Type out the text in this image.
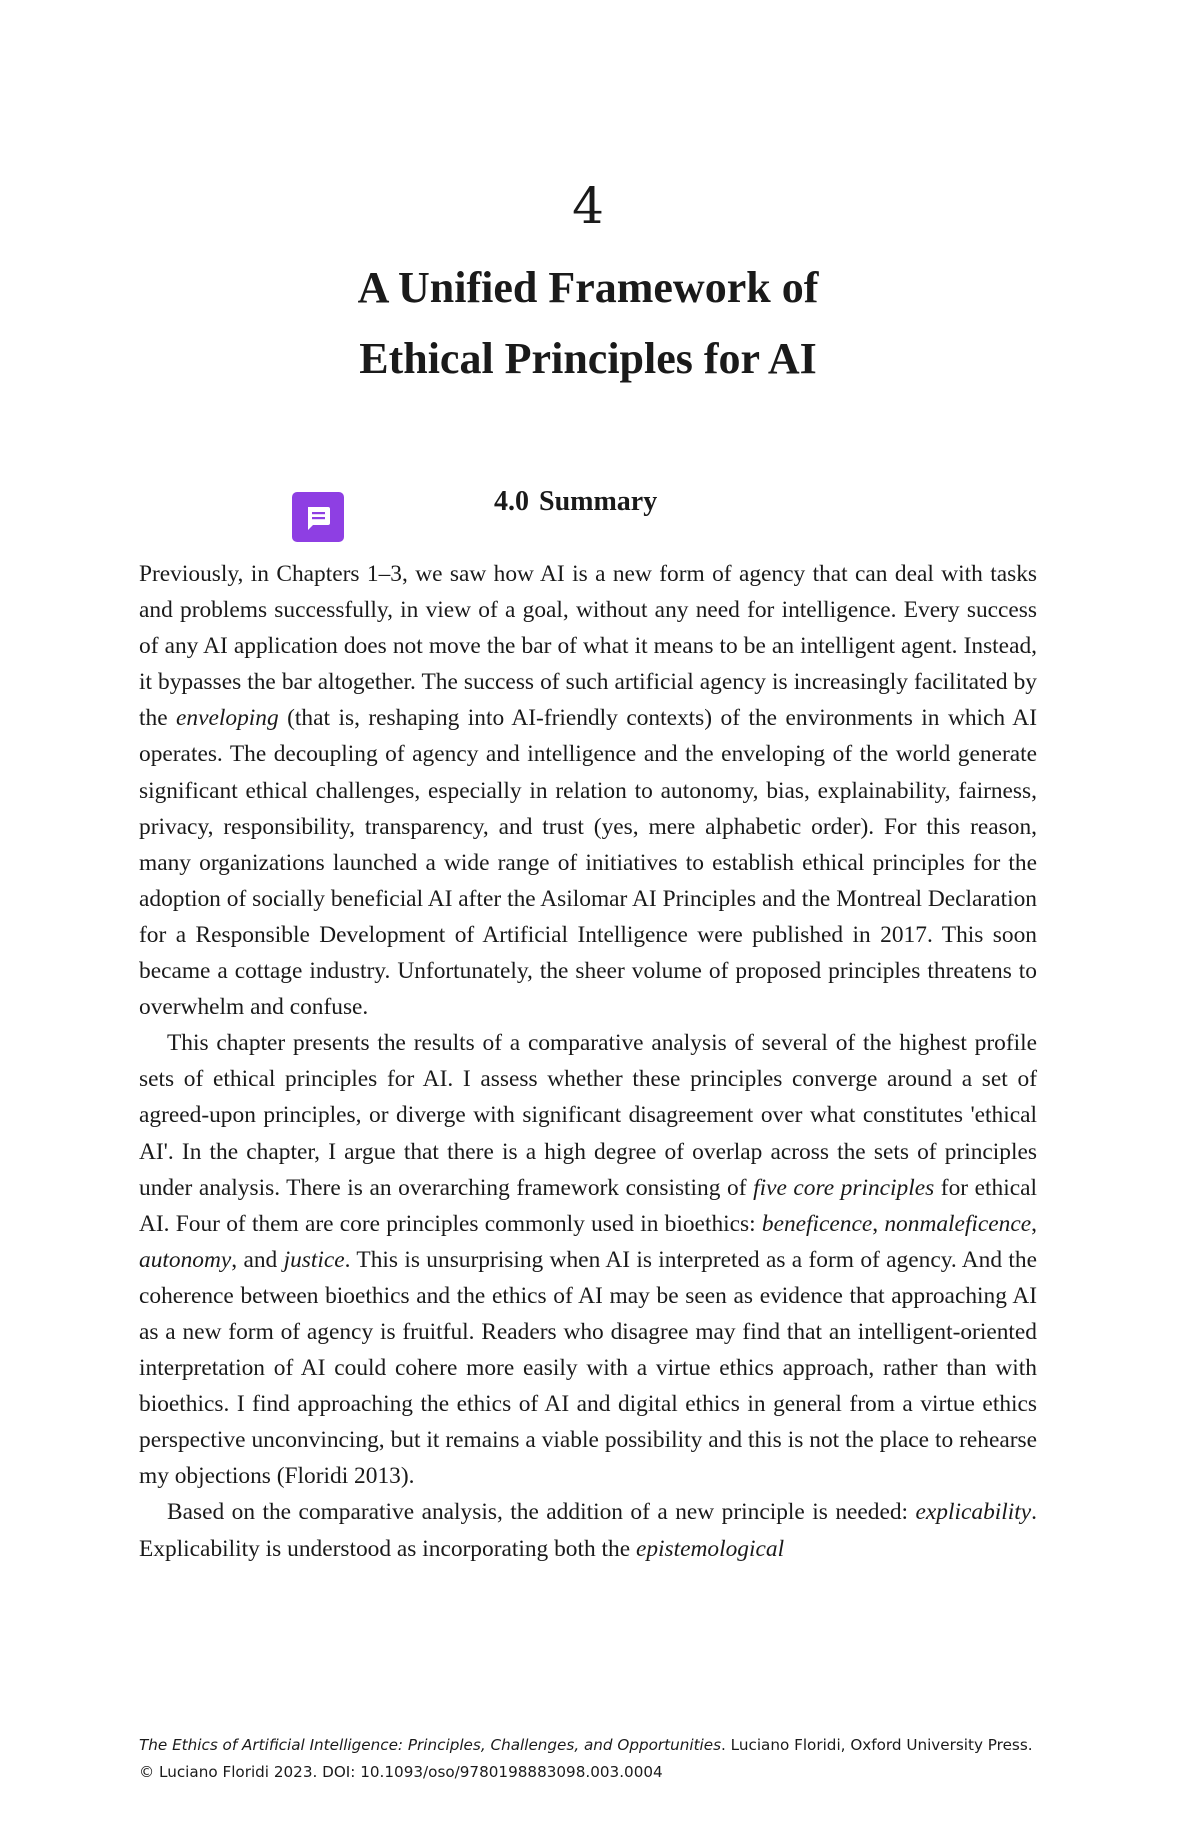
4
A Unified Framework of
Ethical Principles for AI
4.0 Summary

Previously, in Chapters 1–3, we saw how AI is a new form of agency that can deal with tasks and problems successfully, in view of a goal, without any need for intelligence. Every success of any AI application does not move the bar of what it means to be an intelligent agent. Instead, it bypasses the bar altogether. The success of such artificial agency is increasingly facilitated by the enveloping (that is, reshaping into AI-friendly contexts) of the environments in which AI operates. The decoupling of agency and intelligence and the enveloping of the world generate significant ethical challenges, especially in relation to autonomy, bias, explainability, fairness, privacy, responsibility, transparency, and trust (yes, mere alphabetic order). For this reason, many organizations launched a wide range of initiatives to establish ethical principles for the adoption of socially beneficial AI after the Asilomar AI Principles and the Montreal Declaration for a Responsible Development of Artificial Intelligence were published in 2017. This soon became a cottage industry. Unfortunately, the sheer volume of proposed principles threatens to overwhelm and confuse.

This chapter presents the results of a comparative analysis of several of the highest profile sets of ethical principles for AI. I assess whether these principles converge around a set of agreed-upon principles, or diverge with significant disagreement over what constitutes 'ethical AI'. In the chapter, I argue that there is a high degree of overlap across the sets of principles under analysis. There is an overarching framework consisting of five core principles for ethical AI. Four of them are core principles commonly used in bioethics: beneficence, nonmaleficence, autonomy, and justice. This is unsurprising when AI is interpreted as a form of agency. And the coherence between bioethics and the ethics of AI may be seen as evidence that approaching AI as a new form of agency is fruitful. Readers who disagree may find that an intelligent-oriented interpretation of AI could cohere more easily with a virtue ethics approach, rather than with bioethics. I find approaching the ethics of AI and digital ethics in general from a virtue ethics perspective unconvincing, but it remains a viable possibility and this is not the place to rehearse my objections (Floridi 2013).

Based on the comparative analysis, the addition of a new principle is needed: explicability. Explicability is understood as incorporating both the epistemological

The Ethics of Artificial Intelligence: Principles, Challenges, and Opportunities. Luciano Floridi, Oxford University Press.
© Luciano Floridi 2023. DOI: 10.1093/oso/9780198883098.003.0004
